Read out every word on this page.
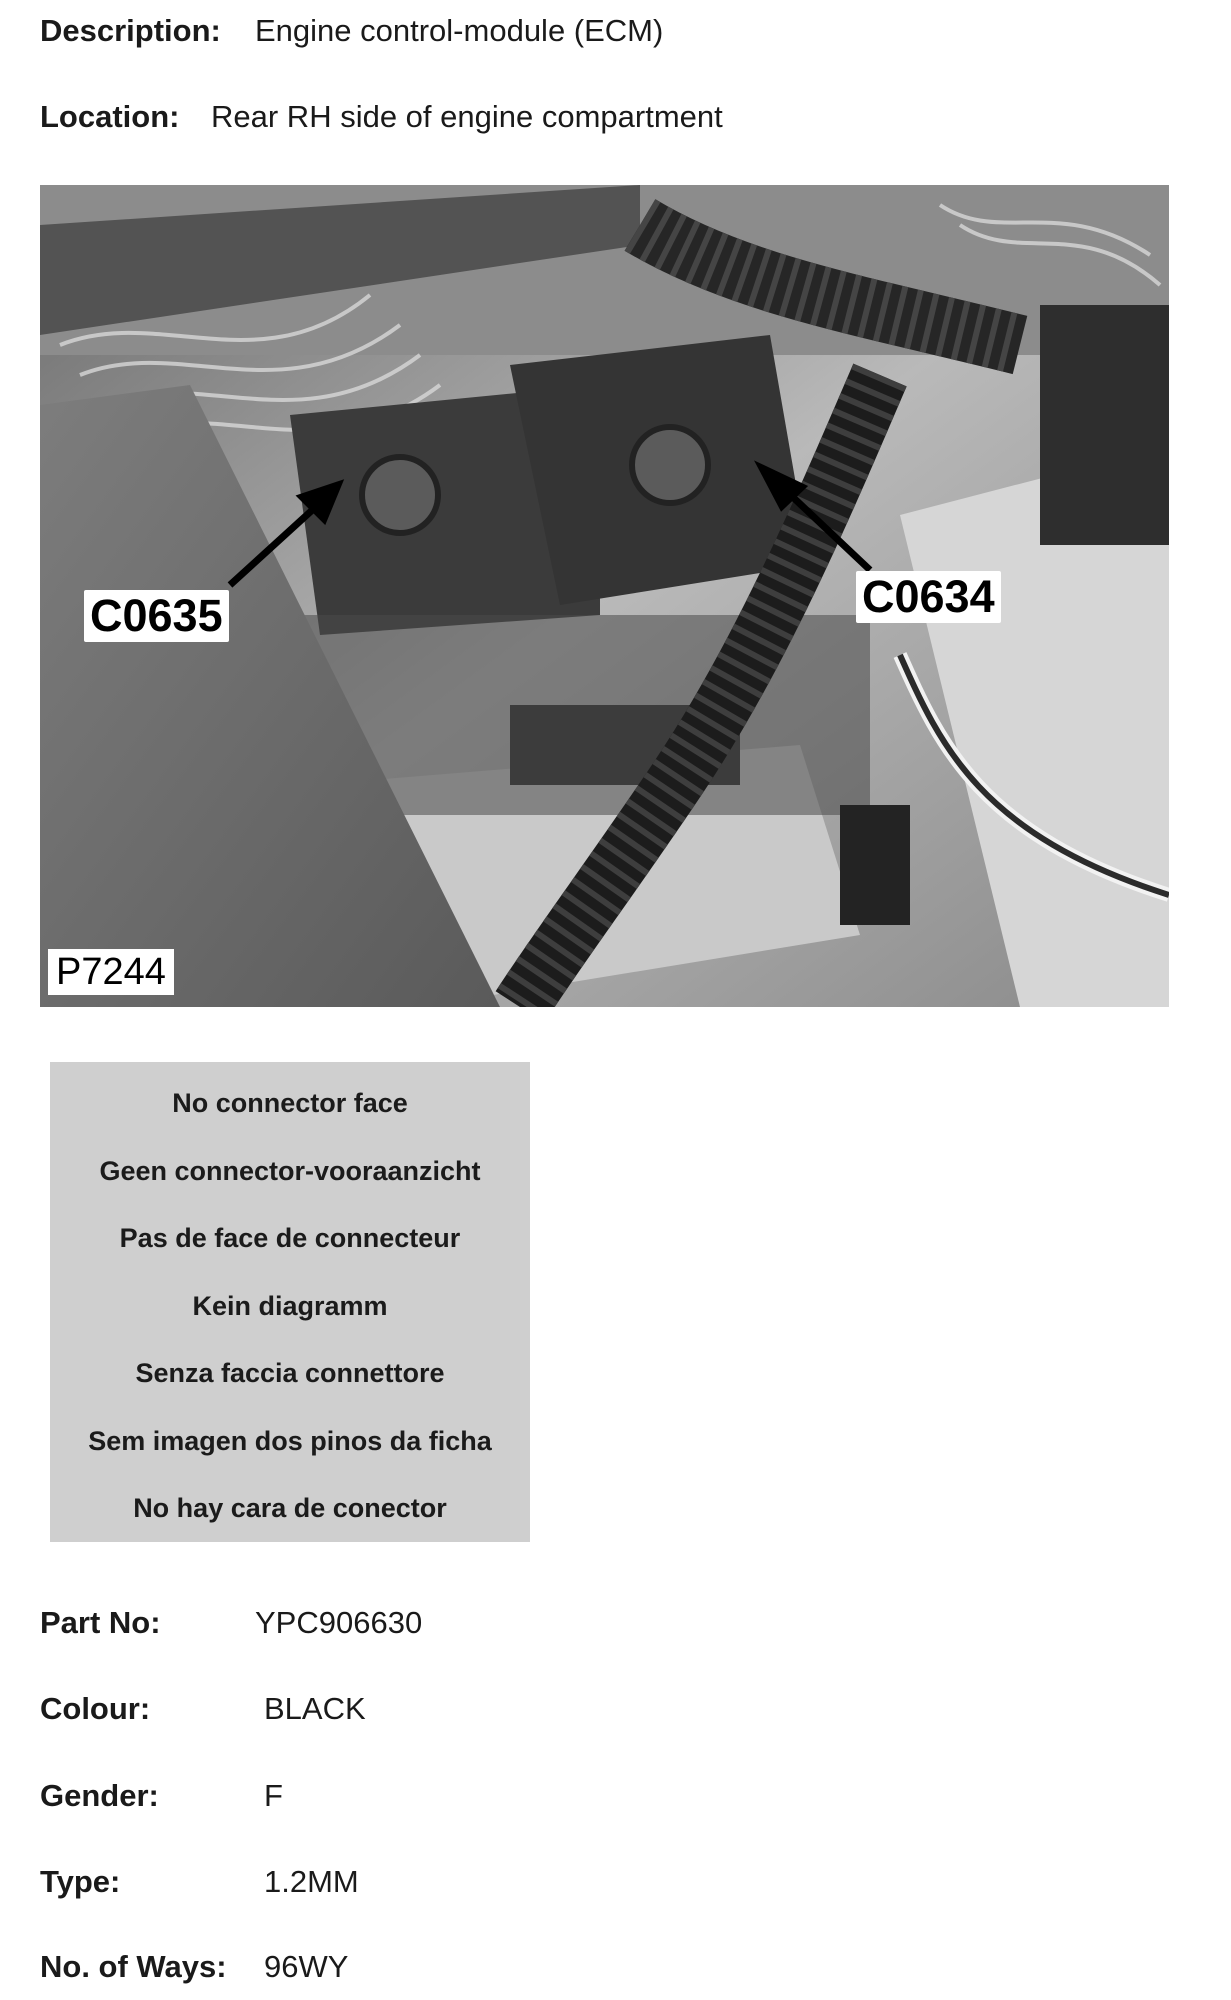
Description: Engine control-module (ECM)
Location: Rear RH side of engine compartment
C0635	C0634
P7244
No connector face
Geen connector-vooraanzicht
Pas de face de connecteur
Kein diagramm
Senza faccia connettore
Sem imagen dos pinos da ficha
No hay cara de conector
Part No:	YPC906630
Colour:	BLACK
Gender:	F
Type:	1.2MM
No. of Ways: 96WY
